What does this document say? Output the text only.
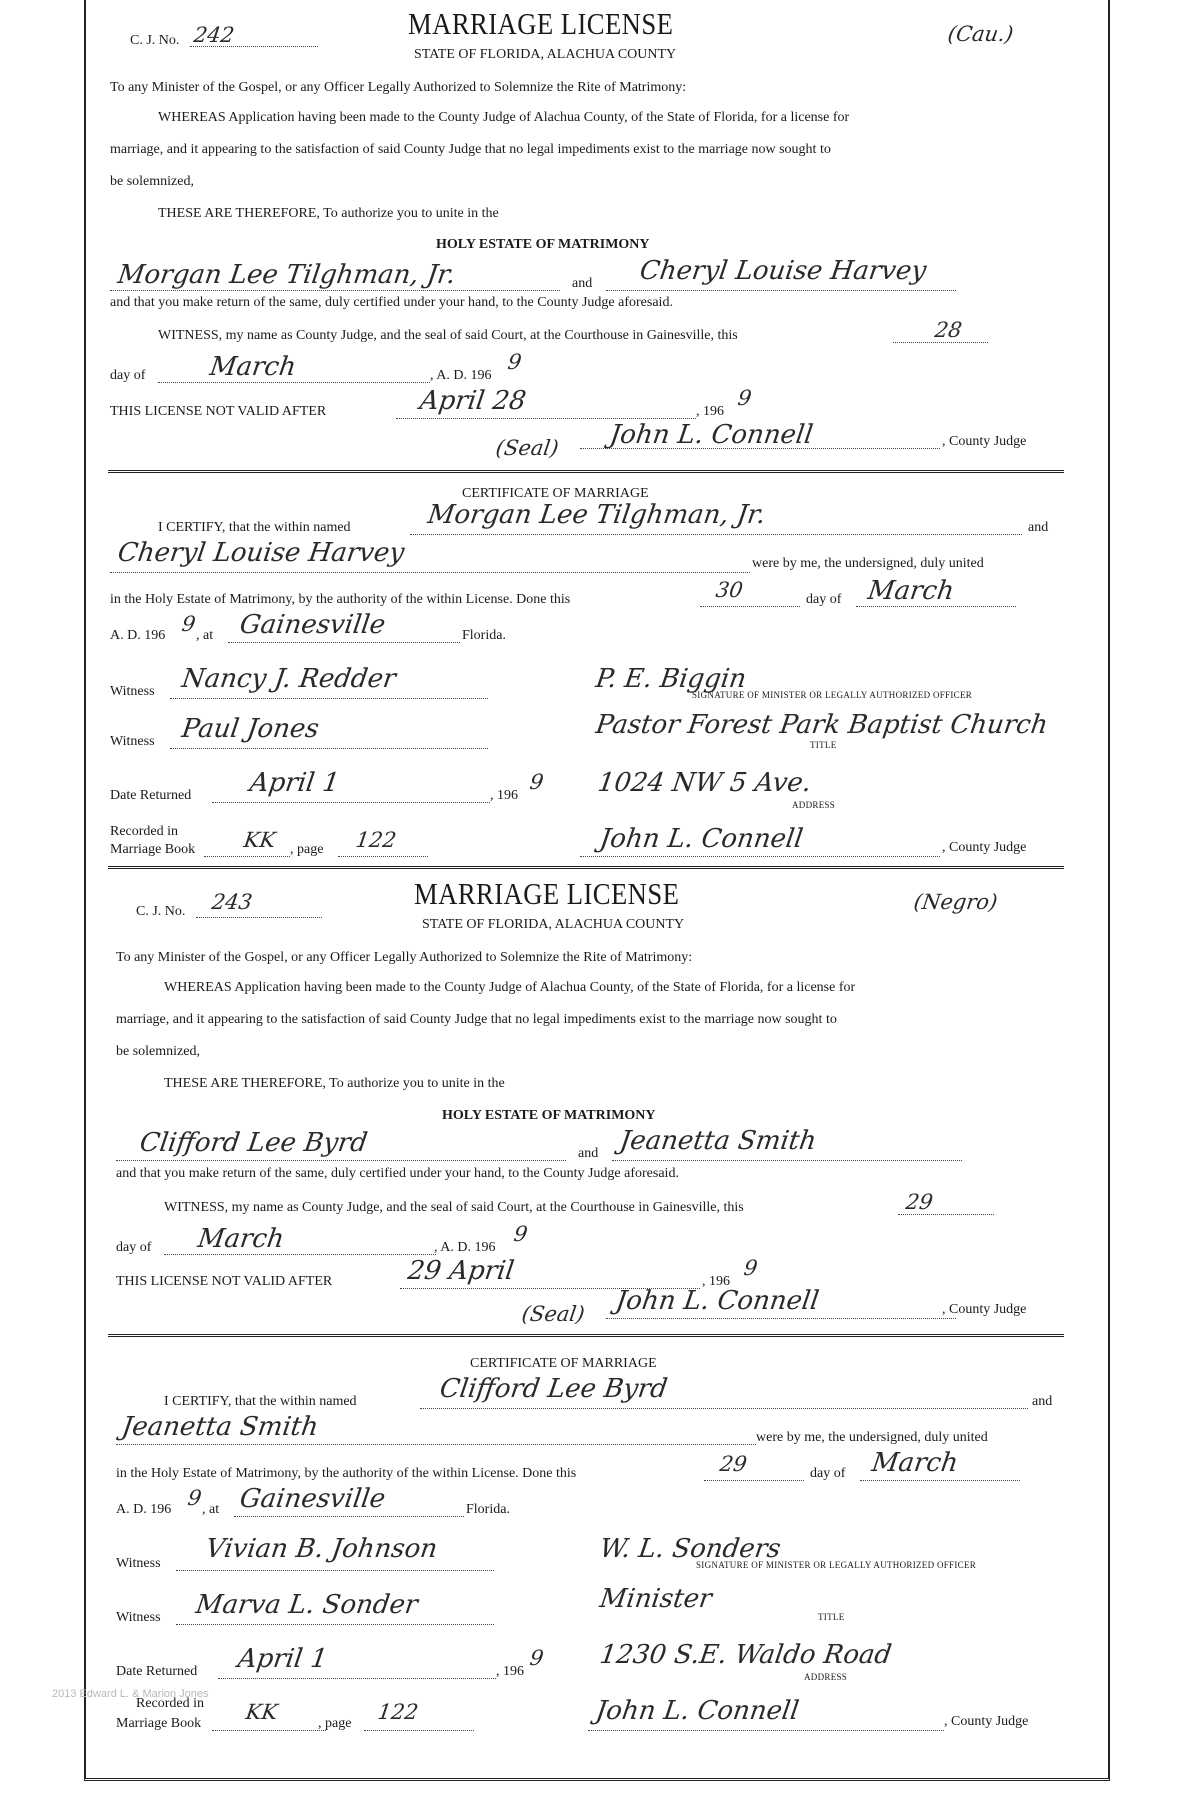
C. J. No. 242	MARRIAGE LICENSE
STATE OF FLORIDA, ALACHUA COUNTY
(Cau.)
To any Minister of the Gospel, or any Officer Legally Authorized to Solemnize the Rite of Matrimony:
WHEREAS Application having been made to the County Judge of Alachua County, of the State of Florida, for a license for
marriage, and it appearing to the satisfaction of said County Judge that no legal impediments exist to the marriage now sought to
be solemnized,
THESE ARE THEREFORE, To authorize you to unite in the
HOLY ESTATE OF MATRIMONY
Morgan Lee Tilghman, Jr.	and Cheryl Louise Harvey
and that you make return of the same, duly certified under your hand, to the County Judge aforesaid.
WITNESS, my name as County Judge, and the seal of said Court, at the Courthouse in Gainesville, this	28
day of March	, A. D. 196
9
THIS LICENSE NOT VALID AFTER	April 28	, 196
9
(Seal) John L. Connell	, County Judge
CERTIFICATE OF MARRIAGE
I CERTIFY, that the within named	Morgan Lee Tilghman, Jr.	and
Cheryl Louise Harvey	were by me, the undersigned, duly united
in the Holy Estate of Matrimony, by the authority of the within License. Done this	30	day of March
A. D. 196 9
, at Gainesville	Florida.
Witness Nancy J. Redder	P. E. Biggin
SIGNATURE OF MINISTER OR LEGALLY AUTHORIZED OFFICER
Witness Paul Jones	Pastor Forest Park Baptist Church
TITLE
Date Returned April 1	, 196
9 1024 NW 5 Ave.
ADDRESS
Recorded in
Marriage Book KK , page 122	John L. Connell	, County Judge
C. J. No. 243	MARRIAGE LICENSE
STATE OF FLORIDA, ALACHUA COUNTY
(Negro)
To any Minister of the Gospel, or any Officer Legally Authorized to Solemnize the Rite of Matrimony:
WHEREAS Application having been made to the County Judge of Alachua County, of the State of Florida, for a license for
marriage, and it appearing to the satisfaction of said County Judge that no legal impediments exist to the marriage now sought to
be solemnized,
THESE ARE THEREFORE, To authorize you to unite in the
HOLY ESTATE OF MATRIMONY
Clifford Lee Byrd	and Jeanetta Smith
and that you make return of the same, duly certified under your hand, to the County Judge aforesaid.
WITNESS, my name as County Judge, and the seal of said Court, at the Courthouse in Gainesville, this	29
day of March	, A. D. 196
9
THIS LICENSE NOT VALID AFTER	29 April	, 196
9
(Seal) John L. Connell	, County Judge
CERTIFICATE OF MARRIAGE
I CERTIFY, that the within named	Clifford Lee Byrd	and
Jeanetta Smith	were by me, the undersigned, duly united
in the Holy Estate of Matrimony, by the authority of the within License. Done this	29	day of March
A. D. 196 9
, at Gainesville	Florida.
Witness Vivian B. Johnson	W. L. Sonders
SIGNATURE OF MINISTER OR LEGALLY AUTHORIZED OFFICER
Witness Marva L. Sonder	Minister
TITLE
Date Returned April 1	, 196
9 1230 S.E. Waldo Road
ADDRESS
2013 Edward L. & Marion Jones
Recorded in
Marriage Book KK	, page 122	John L. Connell	, County Judge
